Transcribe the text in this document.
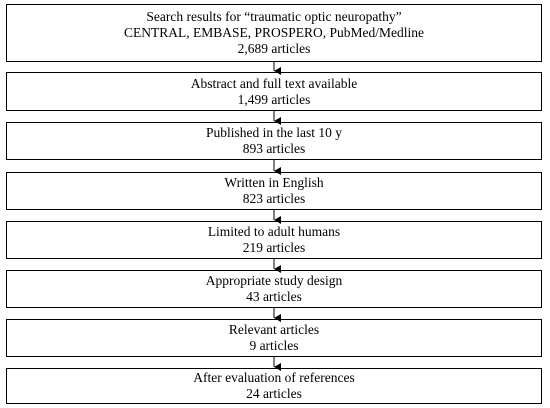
Search results for “traumatic optic neuropathy”
CENTRAL, EMBASE, PROSPERO, PubMed/Medline
2,689 articles
Abstract and full text available
1,499 articles
Published in the last 10 y
893 articles
Written in English
823 articles
Limited to adult humans
219 articles
Appropriate study design
43 articles
Relevant articles
9 articles
After evaluation of references
24 articles
